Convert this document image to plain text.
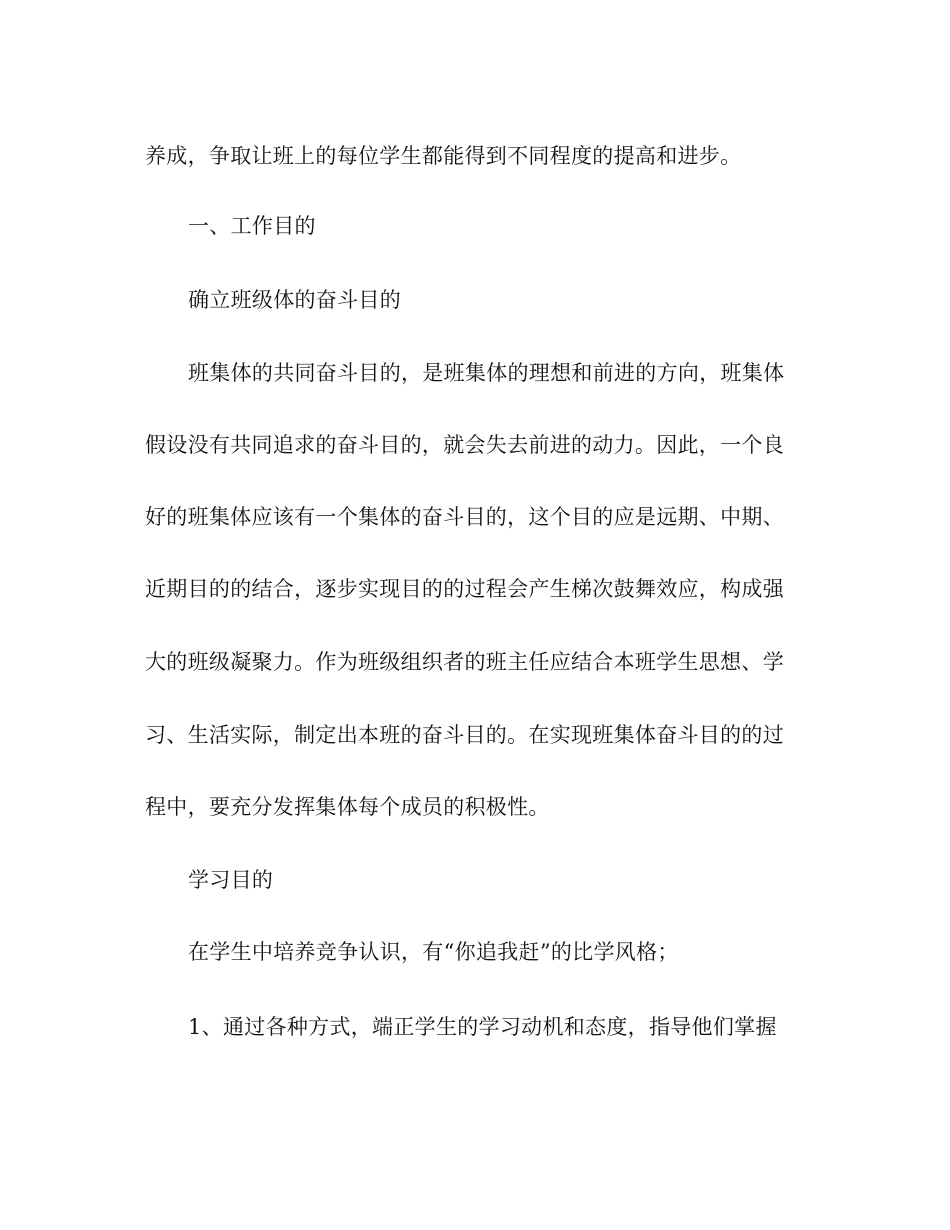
养成，争取让班上的每位学生都能得到不同程度的提高和进步。
一、工作目的
确立班级体的奋斗目的
班集体的共同奋斗目的，是班集体的理想和前进的方向，班集体
假设没有共同追求的奋斗目的，就会失去前进的动力。因此，一个良
好的班集体应该有一个集体的奋斗目的，这个目的应是远期、中期、
近期目的的结合，逐步实现目的的过程会产生梯次鼓舞效应，构成强
大的班级凝聚力。作为班级组织者的班主任应结合本班学生思想、学
习、生活实际，制定出本班的奋斗目的。在实现班集体奋斗目的的过
程中，要充分发挥集体每个成员的积极性。
学习目的
在学生中培养竞争认识，有“你追我赶”的比学风格；
1、通过各种方式，端正学生的学习动机和态度，指导他们掌握
